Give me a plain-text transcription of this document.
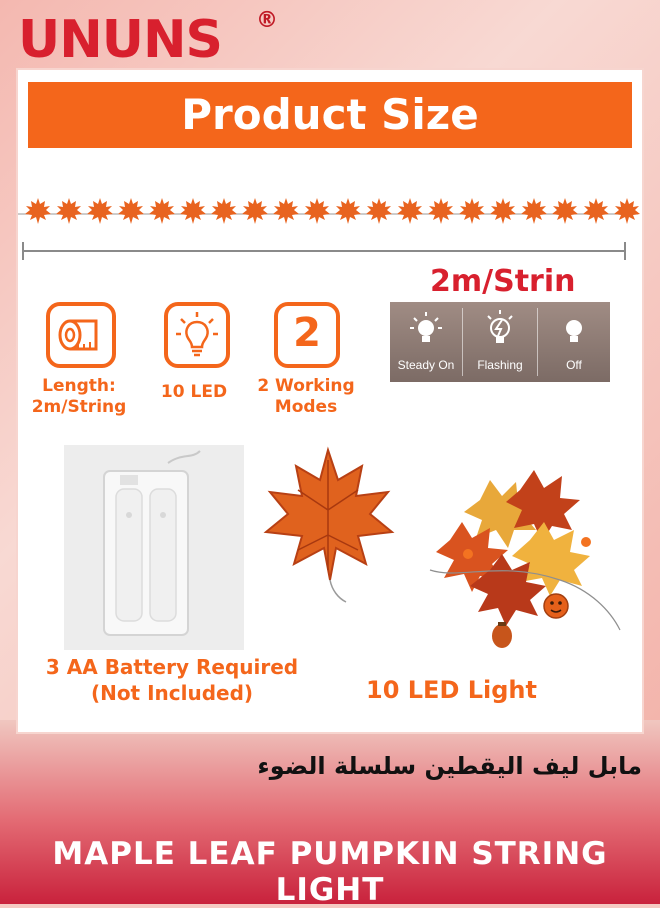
UNUNS ®
Product Size
2m/Strin
Length:
2m/String
10 LED
2
2 Working
Modes
Steady On	Flashing	Off
3 AA Battery Required
(Not Included)	10 LED Light
مابل ليف اليقطين سلسلة الضوء
MAPLE LEAF PUMPKIN STRING LIGHT
